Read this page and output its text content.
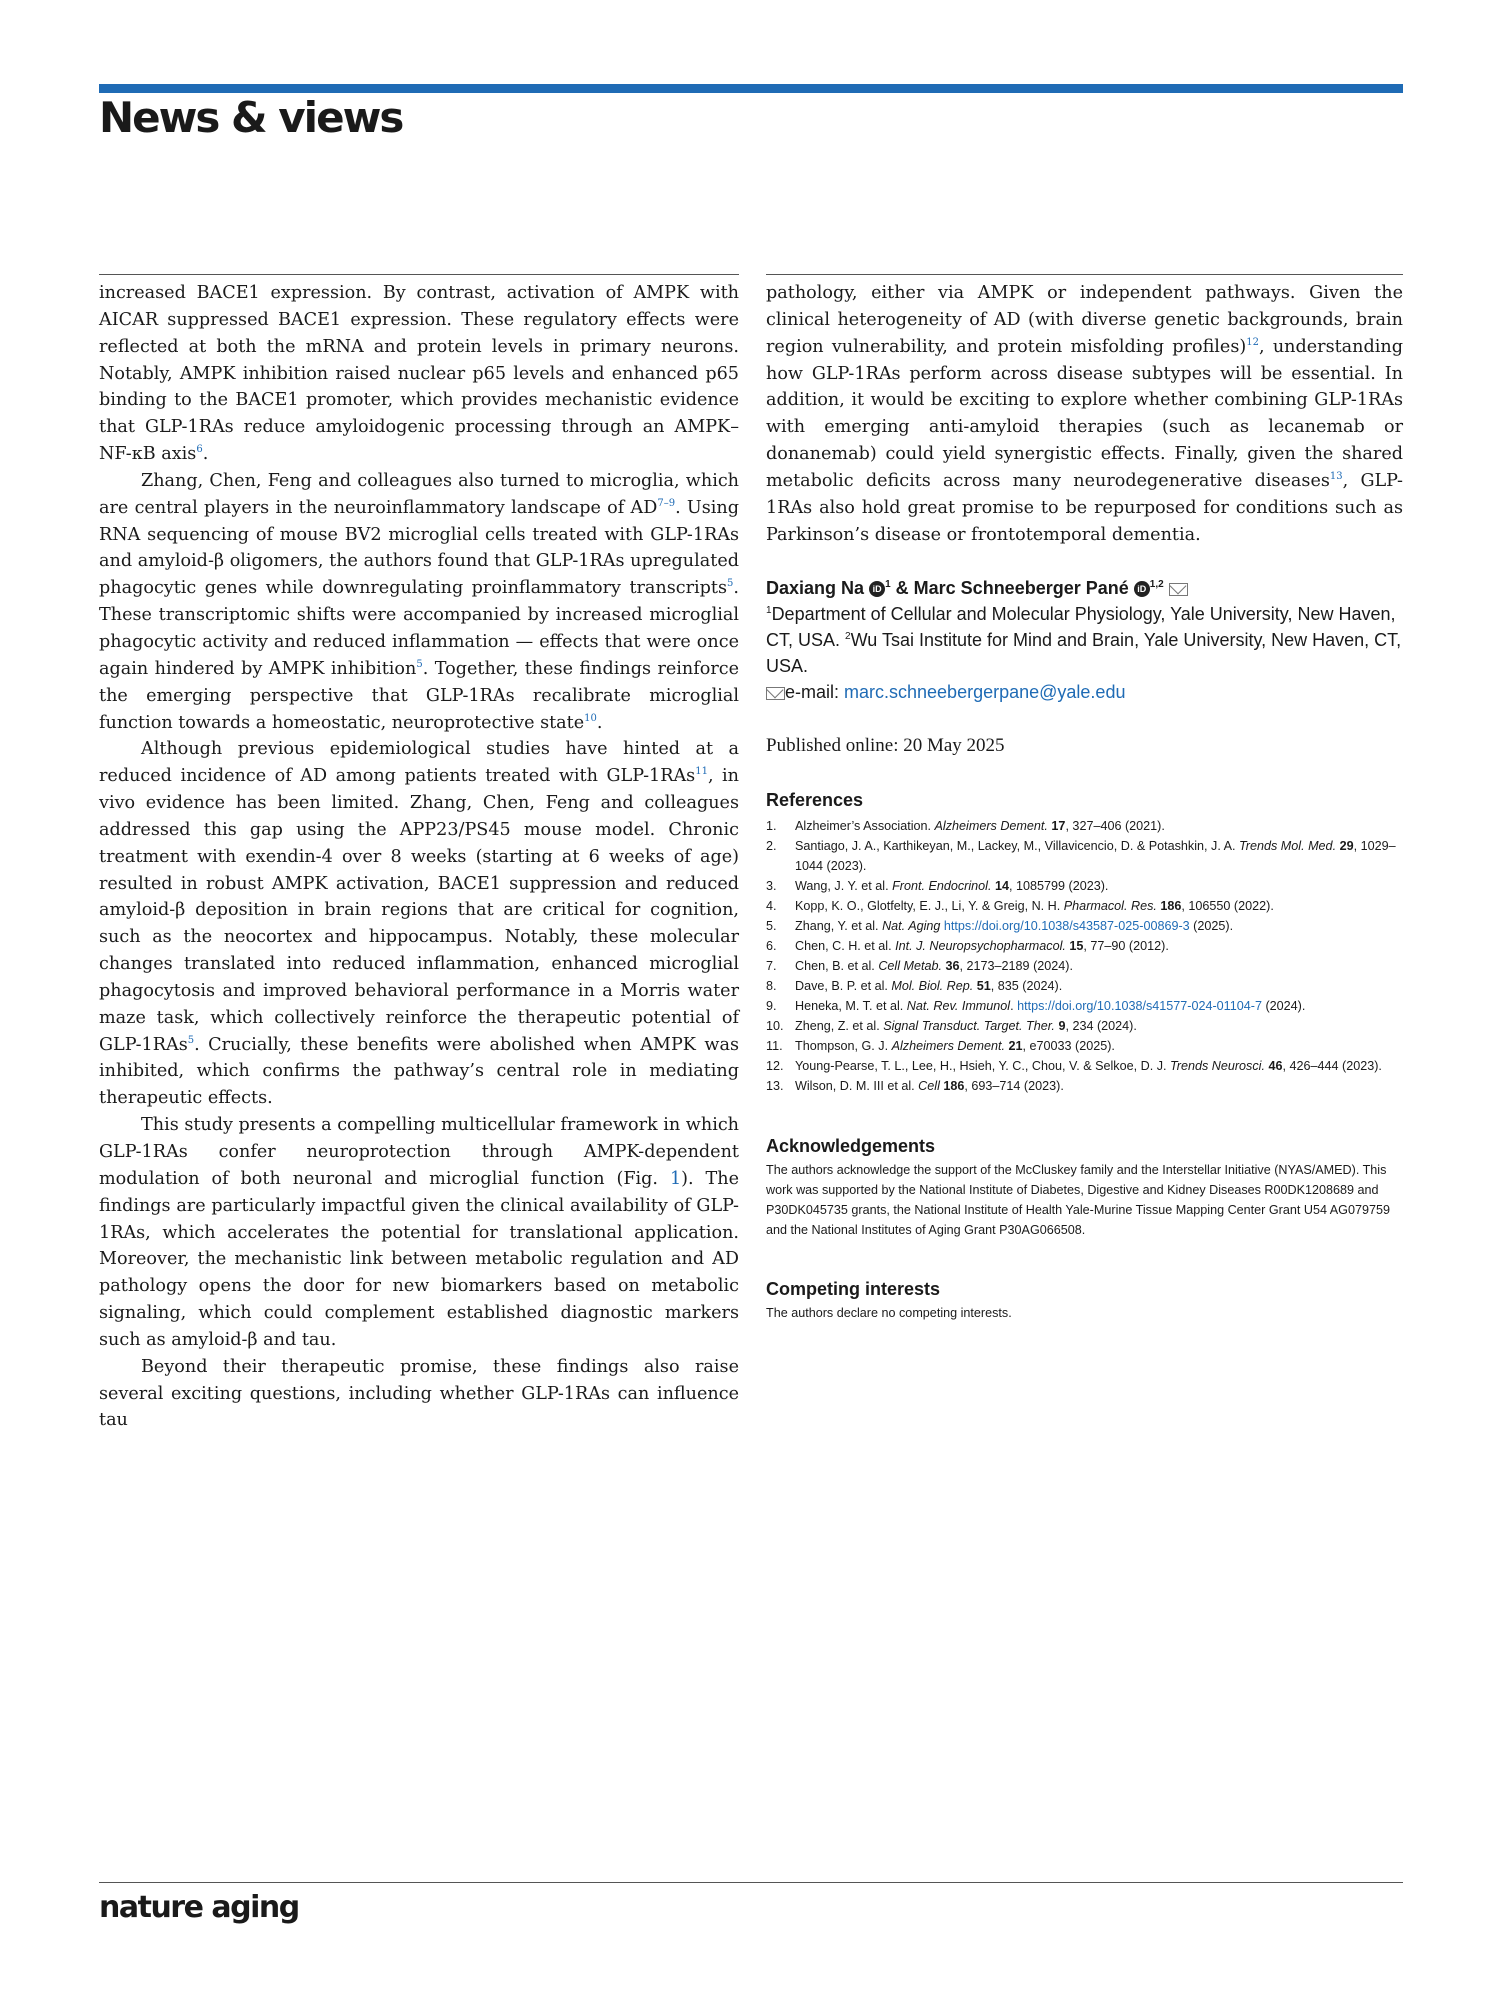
News & views

increased BACE1 expression. By contrast, activation of AMPK with AICAR suppressed BACE1 expression. These regulatory effects were reflected at both the mRNA and protein levels in primary neurons. Notably, AMPK inhibition raised nuclear p65 levels and enhanced p65 binding to the BACE1 promoter, which provides mechanistic evidence that GLP-1RAs reduce amyloidogenic processing through an AMPK–NF-κB axis$^6$.

Zhang, Chen, Feng and colleagues also turned to microglia, which are central players in the neuroinflammatory landscape of AD$^{7-9}$. Using RNA sequencing of mouse BV2 microglial cells treated with GLP-1RAs and amyloid-β oligomers, the authors found that GLP-1RAs upregulated phagocytic genes while downregulating proinflammatory transcripts$^5$. These transcriptomic shifts were accompanied by increased microglial phagocytic activity and reduced inflammation — effects that were once again hindered by AMPK inhibition$^5$. Together, these findings reinforce the emerging perspective that GLP-1RAs recalibrate microglial function towards a homeostatic, neuroprotective state$^{10}$.

Although previous epidemiological studies have hinted at a reduced incidence of AD among patients treated with GLP-1RAs$^{11}$, in vivo evidence has been limited. Zhang, Chen, Feng and colleagues addressed this gap using the APP23/PS45 mouse model. Chronic treatment with exendin-4 over 8 weeks (starting at 6 weeks of age) resulted in robust AMPK activation, BACE1 suppression and reduced amyloid-β deposition in brain regions that are critical for cognition, such as the neocortex and hippocampus. Notably, these molecular changes translated into reduced inflammation, enhanced microglial phagocytosis and improved behavioral performance in a Morris water maze task, which collectively reinforce the therapeutic potential of GLP-1RAs$^5$. Crucially, these benefits were abolished when AMPK was inhibited, which confirms the pathway’s central role in mediating therapeutic effects.

This study presents a compelling multicellular framework in which GLP-1RAs confer neuroprotection through AMPK-dependent modulation of both neuronal and microglial function (Fig. 1). The findings are particularly impactful given the clinical availability of GLP-1RAs, which accelerates the potential for translational application. Moreover, the mechanistic link between metabolic regulation and AD pathology opens the door for new biomarkers based on metabolic signaling, which could complement established diagnostic markers such as amyloid-β and tau.

Beyond their therapeutic promise, these findings also raise several exciting questions, including whether GLP-1RAs can influence tau

pathology, either via AMPK or independent pathways. Given the clinical heterogeneity of AD (with diverse genetic backgrounds, brain region vulnerability, and protein misfolding profiles)$^{12}$, understanding how GLP-1RAs perform across disease subtypes will be essential. In addition, it would be exciting to explore whether combining GLP-1RAs with emerging anti-amyloid therapies (such as lecanemab or donanemab) could yield synergistic effects. Finally, given the shared metabolic deficits across many neurodegenerative diseases$^{13}$, GLP-1RAs also hold great promise to be repurposed for conditions such as Parkinson’s disease or frontotemporal dementia.

Daxiang Na iD $^1$ & Marc Schneeberger Pané iD $^{1,2}$
$^1$Department of Cellular and Molecular Physiology, Yale University, New Haven, CT, USA. $^2$Wu Tsai Institute for Mind and Brain, Yale University, New Haven, CT, USA.
e-mail: marc.schneebergerpane@yale.edu
Published online: 20 May 2025
References
1. Alzheimer’s Association. Alzheimers Dement. 17, 327–406 (2021).
2. Santiago, J. A., Karthikeyan, M., Lackey, M., Villavicencio, D. & Potashkin, J. A. Trends Mol. Med. 29, 1029–1044 (2023).
3. Wang, J. Y. et al. Front. Endocrinol. 14, 1085799 (2023).
4. Kopp, K. O., Glotfelty, E. J., Li, Y. & Greig, N. H. Pharmacol. Res. 186, 106550 (2022).
5. Zhang, Y. et al. Nat. Aging https://doi.org/10.1038/s43587-025-00869-3 (2025).
6. Chen, C. H. et al. Int. J. Neuropsychopharmacol. 15, 77–90 (2012).
7. Chen, B. et al. Cell Metab. 36, 2173–2189 (2024).
8. Dave, B. P. et al. Mol. Biol. Rep. 51, 835 (2024).
9. Heneka, M. T. et al. Nat. Rev. Immunol. https://doi.org/10.1038/s41577-024-01104-7 (2024).
10. Zheng, Z. et al. Signal Transduct. Target. Ther. 9, 234 (2024).
11. Thompson, G. J. Alzheimers Dement. 21, e70033 (2025).
12. Young-Pearse, T. L., Lee, H., Hsieh, Y. C., Chou, V. & Selkoe, D. J. Trends Neurosci. 46, 426–444 (2023).
13. Wilson, D. M. III et al. Cell 186, 693–714 (2023).
Acknowledgements

The authors acknowledge the support of the McCluskey family and the Interstellar Initiative (NYAS/AMED). This work was supported by the National Institute of Diabetes, Digestive and Kidney Diseases R00DK1208689 and P30DK045735 grants, the National Institute of Health Yale-Murine Tissue Mapping Center Grant U54 AG079759 and the National Institutes of Aging Grant P30AG066508.

Competing interests

The authors declare no competing interests.

nature aging
